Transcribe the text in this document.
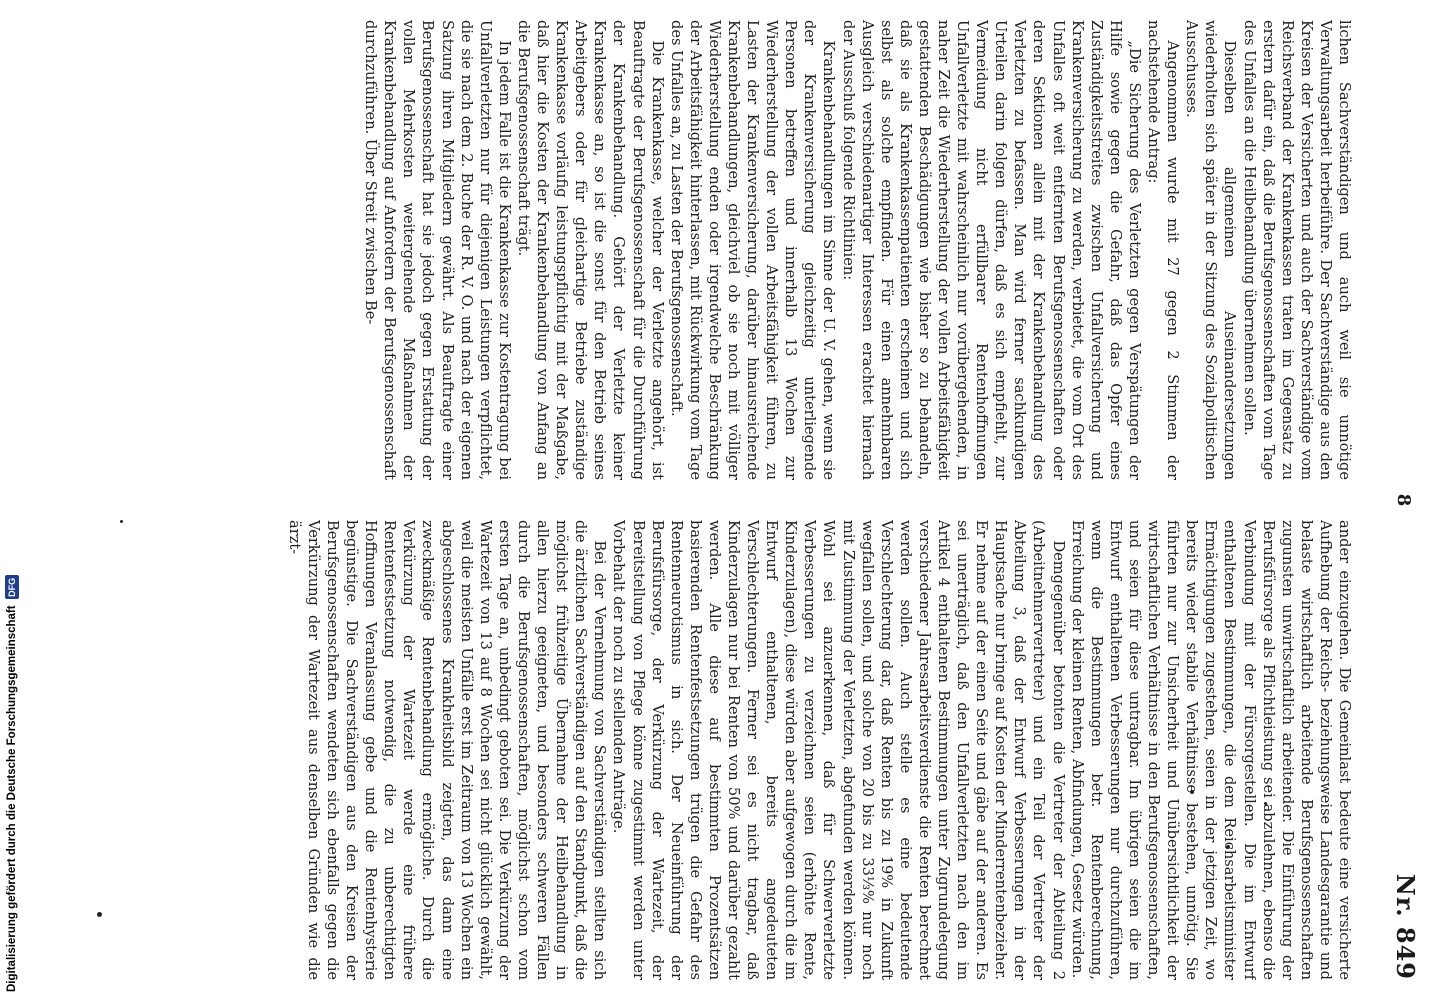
Digitalisierung gefördert durch die Deutsche Forschungsgemeinschaft
DFG
8
Nr. 849

lichen Sachverständigen und auch weil sie unnötige Verwaltungsarbeit herbeiführe. Der Sachverständige aus den Kreisen der Versicherten und auch der Sachverständige vom Reichsverband der Krankenkassen traten im Gegensatz zu erstern dafür ein, daß die Berufsgenossenschaften vom Tage des Unfalles an die Heilbehandlung übernehmen sollen.

Dieselben allgemeinen Auseinandersetzungen wiederholten sich später in der Sitzung des Sozialpolitischen Ausschusses.

Angenommen wurde mit 27 gegen 2 Stimmen der nachstehende Antrag:

„Die Sicherung des Verletzten gegen Verspätungen der Hilfe sowie gegen die Gefahr, daß das Opfer eines Zuständigkeitsstreites zwischen Unfallversicherung und Krankenversicherung zu werden, verbietet, die vom Ort des Unfalles oft weit entfernten Berufsgenossenschaften oder deren Sektionen allein mit der Krankenbehandlung des Verletzten zu befassen. Man wird ferner sachkundigen Urteilen darin folgen dürfen, daß es sich empfiehlt, zur Vermeidung nicht erfüllbarer Rentenhoffnungen Unfallverletzte mit wahrscheinlich nur vorübergehenden, in naher Zeit die Wiederherstellung der vollen Arbeitsfähigkeit gestattenden Beschädigungen wie bisher so zu behandeln, daß sie als Krankenkassenpatienten erscheinen und sich selbst als solche empfinden. Für einen annehmbaren Ausgleich verschiedenartiger Interessen erachtet hiernach der Ausschuß folgende Richtlinien:

Krankenbehandlungen im Sinne der U. V. gehen, wenn sie der Krankenversicherung gleichzeitig unterliegende Personen betreffen und innerhalb 13 Wochen zur Wiederherstellung der vollen Arbeitsfähigkeit führen, zu Lasten der Krankenversicherung, darüber hinausreichende Krankenbehandlungen, gleichviel ob sie noch mit völliger Wiederherstellung enden oder irgendwelche Beschränkung der Arbeitsfähigkeit hinterlassen, mit Rückwirkung vom Tage des Unfalles an, zu Lasten der Berufsgenossenschaft.

Die Krankenkasse, welcher der Verletzte angehört, ist Beauftragte der Berufsgenossenschaft für die Durchführung der Krankenbehandlung. Gehört der Verletzte keiner Krankenkasse an, so ist die sonst für den Betrieb seines Arbeitgebers oder für gleichartige Betriebe zuständige Krankenkasse vorläufig leistungspflichtig mit der Maßgabe, daß hier die Kosten der Krankenbehandlung von Anfang an die Berufsgenossenschaft trägt.

In jedem Falle ist die Krankenkasse zur Kostentragung bei Unfallverletzten nur für diejenigen Leistungen verpflichtet, die sie nach dem 2. Buche der R. V. O. und nach der eigenen Satzung ihren Mitgliedern gewährt. Als Beauftragte einer Berufsgenossenschaft hat sie jedoch gegen Erstattung der vollen Mehrkosten weitergehende Maßnahmen der Krankenbehandlung auf Anfordern der Berufsgenossenschaft durchzuführen. Über Streit zwischen Be-

ander einzugehen. Die Gemeinlast bedeute eine versicherte Aufhebung der Reichs- beziehungsweise Landesgarantie und belaste wirtschaftlich arbeitende Berufsgenossenschaften zugunsten unwirtschaftlich arbeitender. Die Einführung der Berufsfürsorge als Pflichtleistung sei abzulehnen, ebenso die Verbindung mit der Fürsorgestellen. Die im Entwurf enthaltenen Bestimmungen, die dem Reichsarbeitsminister Ermächtigungen zugestehen, seien in der jetzigen Zeit, wo bereits wieder stabile Verhältnisse bestehen, unnötig. Sie führten nur zur Unsicherheit und Unübersichtlichkeit der wirtschaftlichen Verhältnisse in den Berufsgenossenschaften, und seien für diese untragbar. Im übrigen seien die im Entwurf enthaltenen Verbesserungen nur durchzuführen, wenn die Bestimmungen betr. Rentenberechnung, Erreichung der kleinen Renten, Abfindungen, Gesetz würden.

Demgegenüber betonten die Vertreter der Abteilung 2 (Arbeitnehmervertreter) und ein Teil der Vertreter der Abteilung 3, daß der Entwurf Verbesserungen in der Hauptsache nur bringe auf Kosten der Minderrentenbezieher. Er nehme auf der einen Seite und gäbe auf der anderen. Es sei unerträglich, daß den Unfallverletzten nach den im Artikel 4 enthaltenen Bestimmungen unter Zugrundelegung verschiedener Jahresarbeitsverdienste die Renten berechnet werden sollen. Auch stelle es eine bedeutende Verschlechterung dar, daß Renten bis zu 19% in Zukunft wegfallen sollen, und solche von 20 bis zu 33⅓% nur noch mit Zustimmung der Verletzten, abgefunden werden können. Wohl sei anzuerkennen, daß für Schwerverletzte Verbesserungen zu verzeichnen seien (erhöhte Rente, Kinderzulagen), diese würden aber aufgewogen durch die im Entwurf enthaltenen, bereits angedeuteten Verschlechterungen. Ferner sei es nicht tragbar, daß Kinderzulagen nur bei Renten von 50% und darüber gezahlt werden. Alle diese auf bestimmten Prozentsätzen basierenden Rentenfestsetzungen trügen die Gefahr des Rentenneurotismus in sich. Der Neueinführung der Berufsfürsorge, der Verkürzung der Wartezeit, der Bereitstellung von Pflege könne zugestimmt werden unter Vorbehalt der noch zu stellenden Anträge.

Bei der Vernehmung von Sachverständigen stellten sich die ärztlichen Sachverständigen auf den Standpunkt, daß die möglichst frühzeitige Übernahme der Heilbehandlung in allen hierzu geeigneten, und besonders schweren Fällen durch die Berufsgenossenschaften, möglichst schon vom ersten Tage an, unbedingt geboten sei. Die Verkürzung der Wartezeit von 13 auf 8 Wochen sei nicht glücklich gewählt, weil die meisten Unfälle erst im Zeitraum von 13 Wochen ein abgeschlossenes Krankheitsbild zeigten, das dann eine zweckmäßige Rentenbehandlung ermögliche. Durch die Verkürzung der Wartezeit werde eine frühere Rentenfestsetzung notwendig, die zu unberechtigten Hoffnungen Veranlassung gebe und die Rentenhysterie begünstige. Die Sachverständigen aus den Kreisen der Berufsgenossenschaften wendeten sich ebenfalls gegen die Verkürzung der Wartezeit aus denselben Gründen wie die ärzt-
